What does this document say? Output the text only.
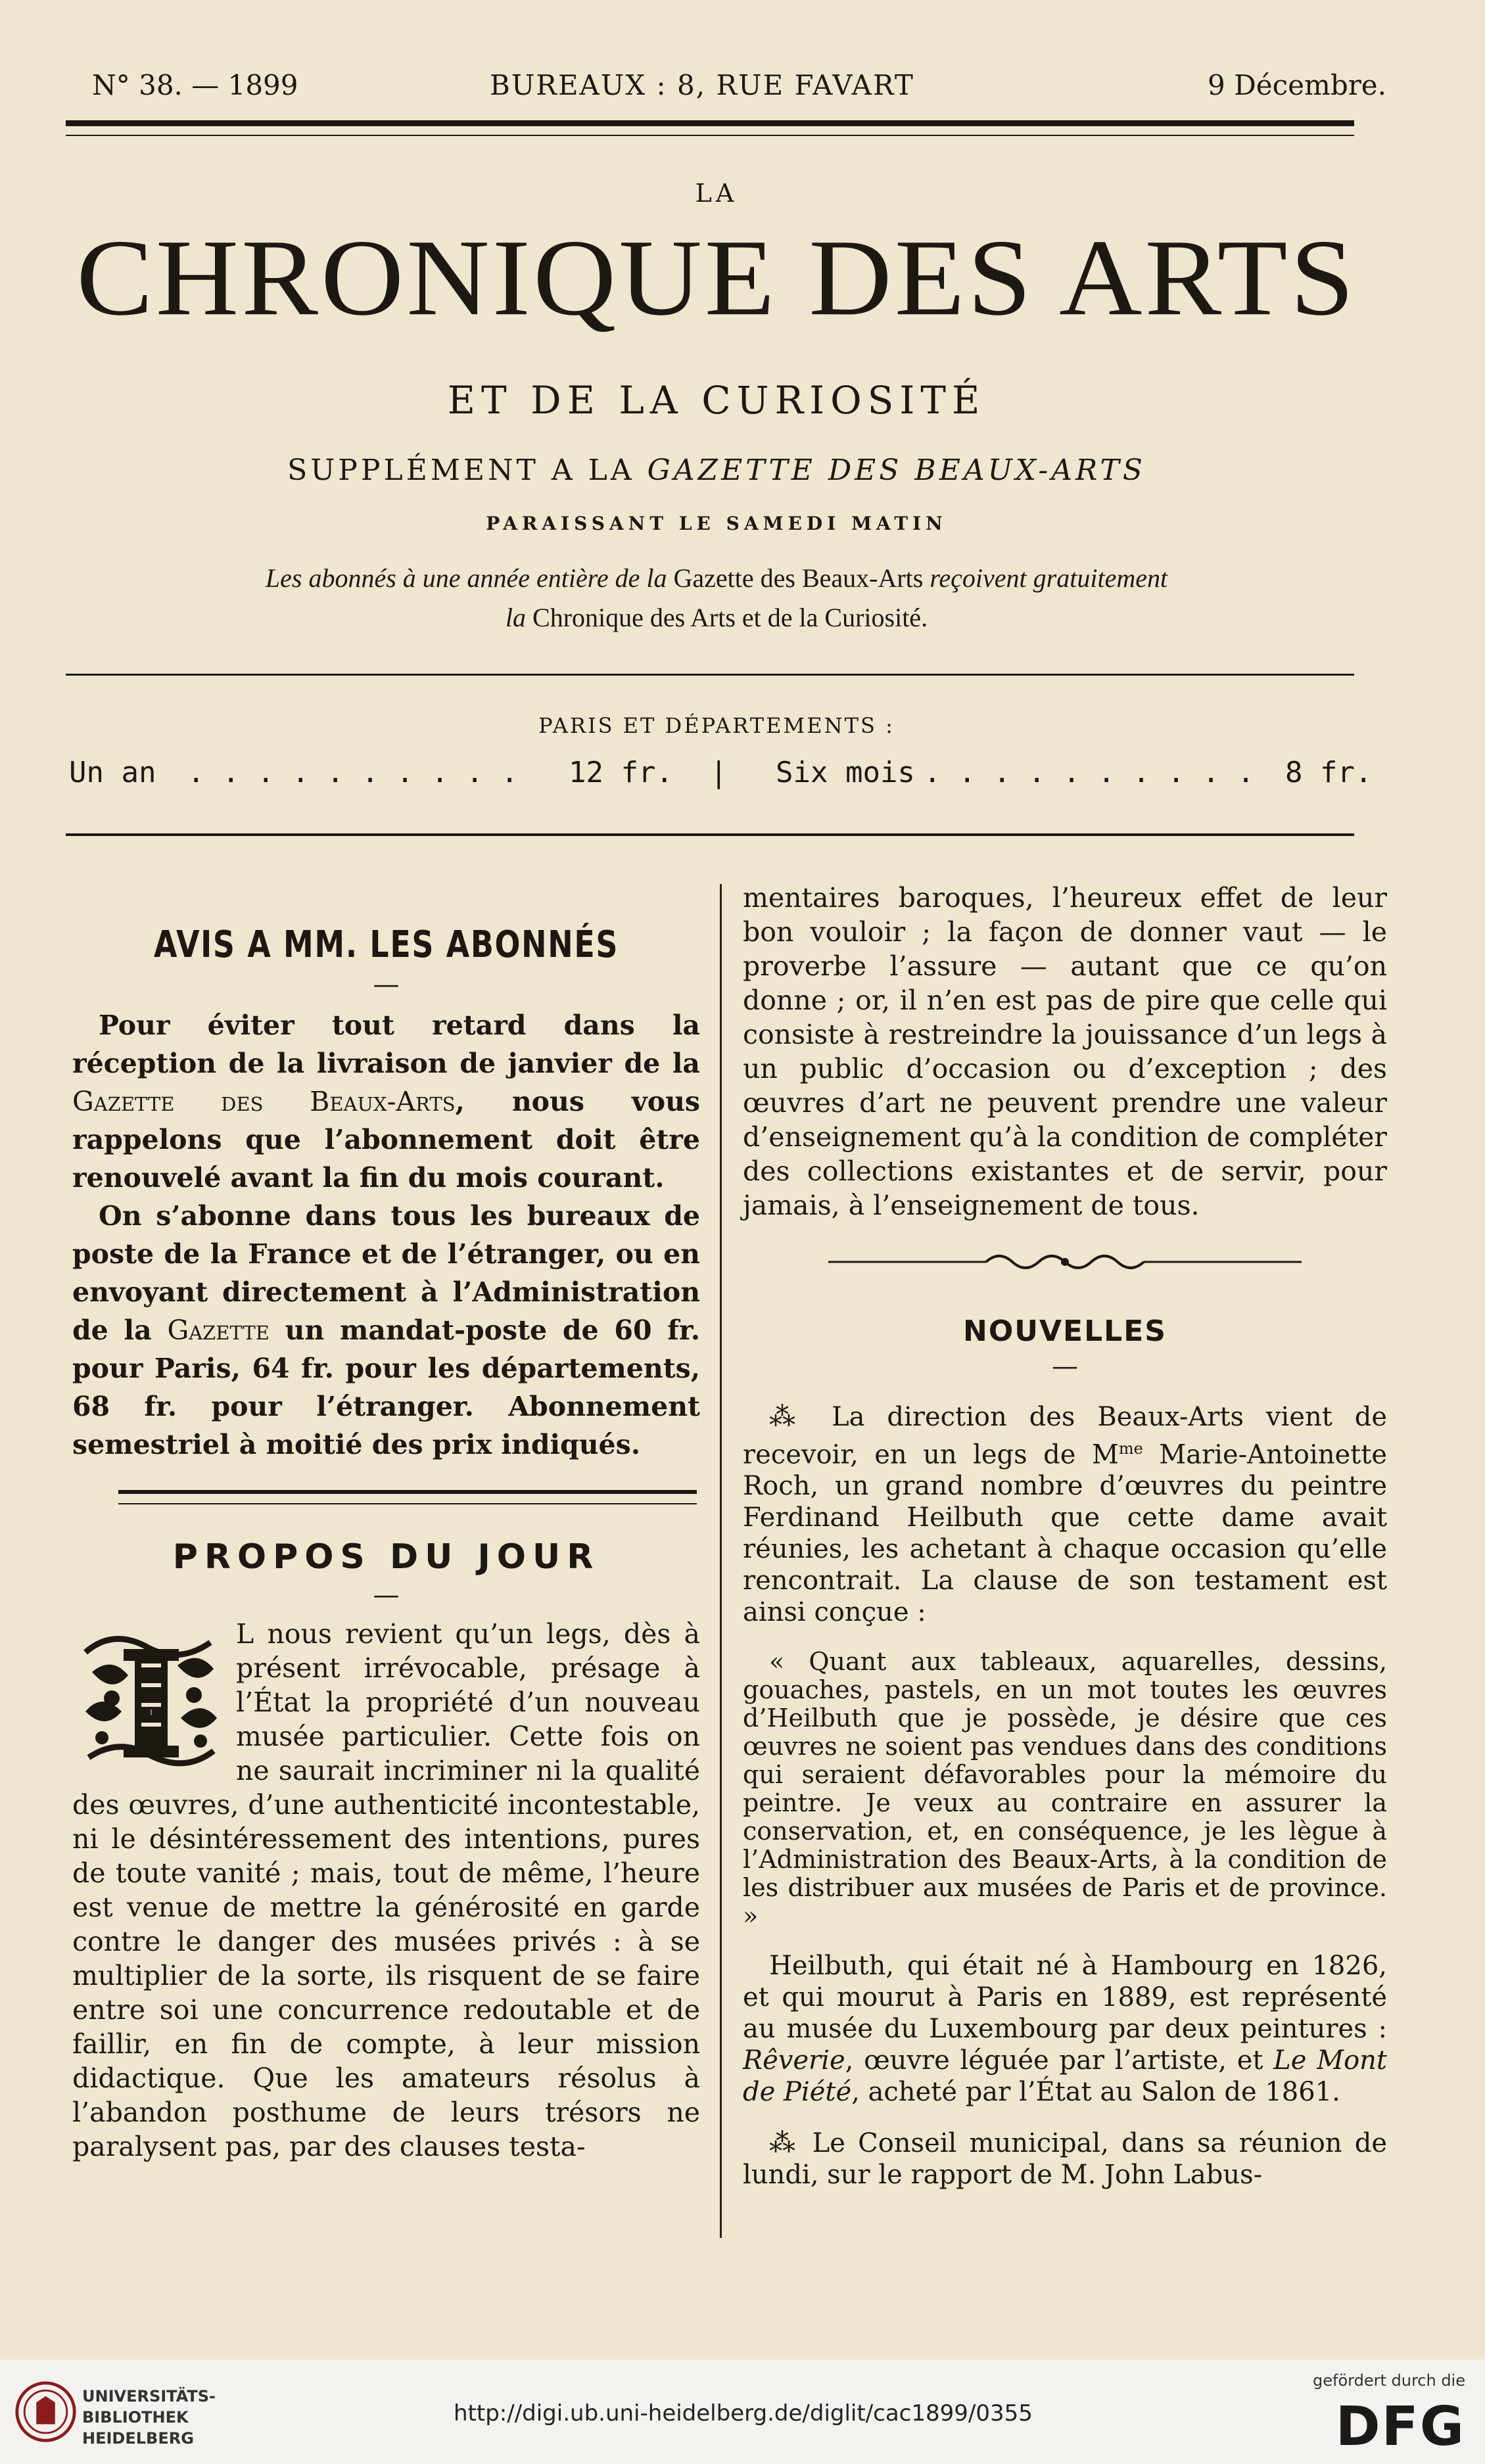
N° 38. — 1899	BUREAUX : 8, RUE FAVART	9 Décembre.
LA
CHRONIQUE DES ARTS
ET DE LA CURIOSITÉ
SUPPLÉMENT A LA GAZETTE DES BEAUX-ARTS
PARAISSANT LE SAMEDI MATIN
Les abonnés à une année entière de la Gazette des Beaux-Arts reçoivent gratuitement
la Chronique des Arts et de la Curiosité.
PARIS ET DÉPARTEMENTS :
Un an . . . . . . . . . . 12 fr. | Six mois . . . . . . . . . . 8 fr.
AVIS A MM. LES ABONNÉS
—

Pour éviter tout retard dans la réception de la livraison de janvier de la Gazette des Beaux-Arts, nous vous rappelons que l’abonnement doit être renouvelé avant la fin du mois courant.

On s’abonne dans tous les bureaux de poste de la France et de l’étranger, ou en envoyant directement à l’Administration de la Gazette un mandat-poste de 60 fr. pour Paris, 64 fr. pour les départements, 68 fr. pour l’étranger. Abonnement semestriel à moitié des prix indiqués.

PROPOS DU JOUR
—

I
L nous revient qu’un legs, dès à présent irrévocable, présage à l’État la propriété d’un nouveau musée particulier. Cette fois on ne saurait incriminer ni la qualité des œuvres, d’une authenticité incontestable, ni le désintéressement des intentions, pures de toute vanité ; mais, tout de même, l’heure est venue de mettre la générosité en garde contre le danger des musées privés : à se multiplier de la sorte, ils risquent de se faire entre soi une concurrence redoutable et de faillir, en fin de compte, à leur mission didactique. Que les amateurs résolus à l’abandon posthume de leurs trésors ne paralysent pas, par des clauses testa-

mentaires baroques, l’heureux effet de leur bon vouloir ; la façon de donner vaut — le proverbe l’assure — autant que ce qu’on donne ; or, il n’en est pas de pire que celle qui consiste à restreindre la jouissance d’un legs à un public d’occasion ou d’exception ; des œuvres d’art ne peuvent prendre une valeur d’enseignement qu’à la condition de compléter des collections existantes et de servir, pour jamais, à l’enseignement de tous.

NOUVELLES
—

⁂ La direction des Beaux-Arts vient de recevoir, en un legs de $M^{me}$ Marie-Antoinette Roch, un grand nombre d’œuvres du peintre Ferdinand Heilbuth que cette dame avait réunies, les achetant à chaque occasion qu’elle rencontrait. La clause de son testament est ainsi conçue :

« Quant aux tableaux, aquarelles, dessins, gouaches, pastels, en un mot toutes les œuvres d’Heilbuth que je possède, je désire que ces œuvres ne soient pas vendues dans des conditions qui seraient défavorables pour la mémoire du peintre. Je veux au contraire en assurer la conservation, et, en conséquence, je les lègue à l’Administration des Beaux-Arts, à la condition de les distribuer aux musées de Paris et de province. »

Heilbuth, qui était né à Hambourg en 1826, et qui mourut à Paris en 1889, est représenté au musée du Luxembourg par deux peintures : Rêverie, œuvre léguée par l’artiste, et Le Mont de Piété, acheté par l’État au Salon de 1861.

⁂ Le Conseil municipal, dans sa réunion de lundi, sur le rapport de M. John Labus-

UNIVERSITÄTS-
BIBLIOTHEK
HEIDELBERG
http://digi.ub.uni-heidelberg.de/diglit/cac1899/0355
gefördert durch die
DFG
